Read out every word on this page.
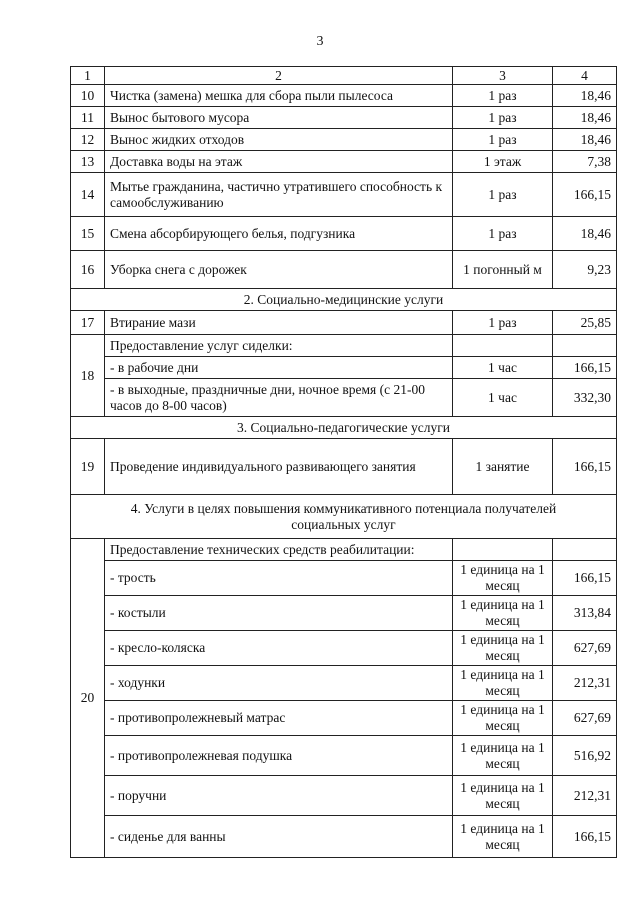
3
1	2	3	4
10	Чистка (замена) мешка для сбора пыли пылесоса	1 раз	18,46
11	Вынос бытового мусора	1 раз	18,46
12	Вынос жидких отходов	1 раз	18,46
13	Доставка воды на этаж	1 этаж	7,38
14	Мытье гражданина, частично утратившего способность к самообслуживанию	1 раз	166,15
15	Смена абсорбирующего белья, подгузника	1 раз	18,46
16	Уборка снега с дорожек	1 погонный м	9,23
2. Социально-медицинские услуги			
17	Втирание мази	1 раз	25,85
18	Предоставление услуг сиделки:		
	- в рабочие дни	1 час	166,15
	- в выходные, праздничные дни, ночное время (с 21-00 часов до 8-00 часов)	1 час	332,30
3. Социально-педагогические услуги			
19	Проведение индивидуального развивающего занятия	1 занятие	166,15
4. Услуги в целях повышения коммуникативного потенциала получателей социальных услуг			
20	Предоставление технических средств реабилитации:		
	- трость	1 единица на 1 месяц	166,15
	- костыли	1 единица на 1 месяц	313,84
	- кресло-коляска	1 единица на 1 месяц	627,69
	- ходунки	1 единица на 1 месяц	212,31
	- противопролежневый матрас	1 единица на 1 месяц	627,69
	- противопролежневая подушка	1 единица на 1 месяц	516,92
	- поручни	1 единица на 1 месяц	212,31
	- сиденье для ванны	1 единица на 1 месяц	166,15
